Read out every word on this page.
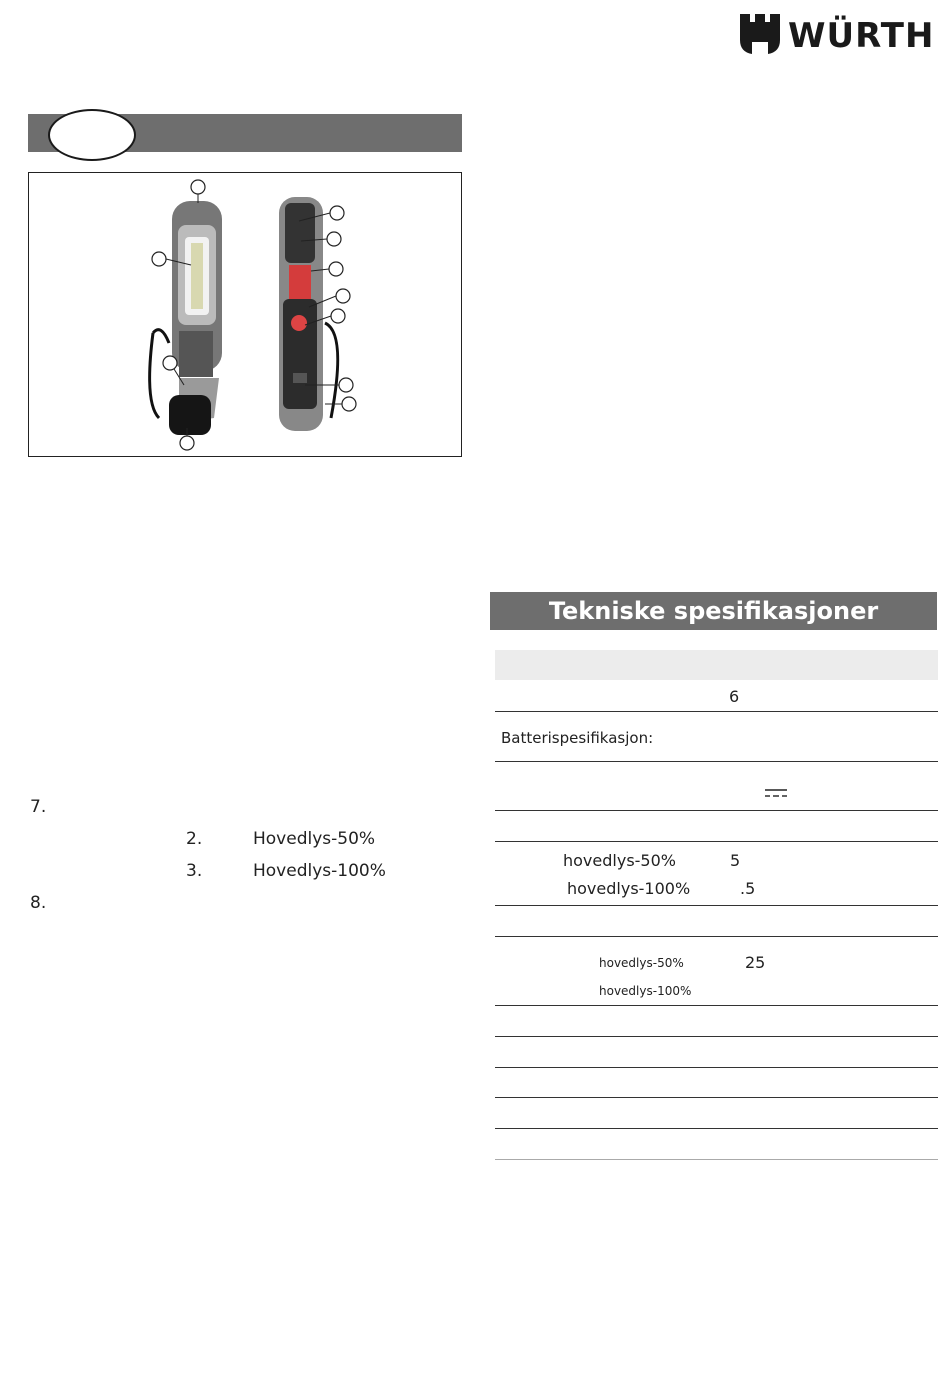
WÜRTH
7.
2.	Hovedlys-50%
3.	Hovedlys-100%
8.
Tekniske spesifikasjoner
6
Batterispesifikasjon:
hovedlys-50%	5
hovedlys-100%	.5
hovedlys-50%	25
hovedlys-100%
